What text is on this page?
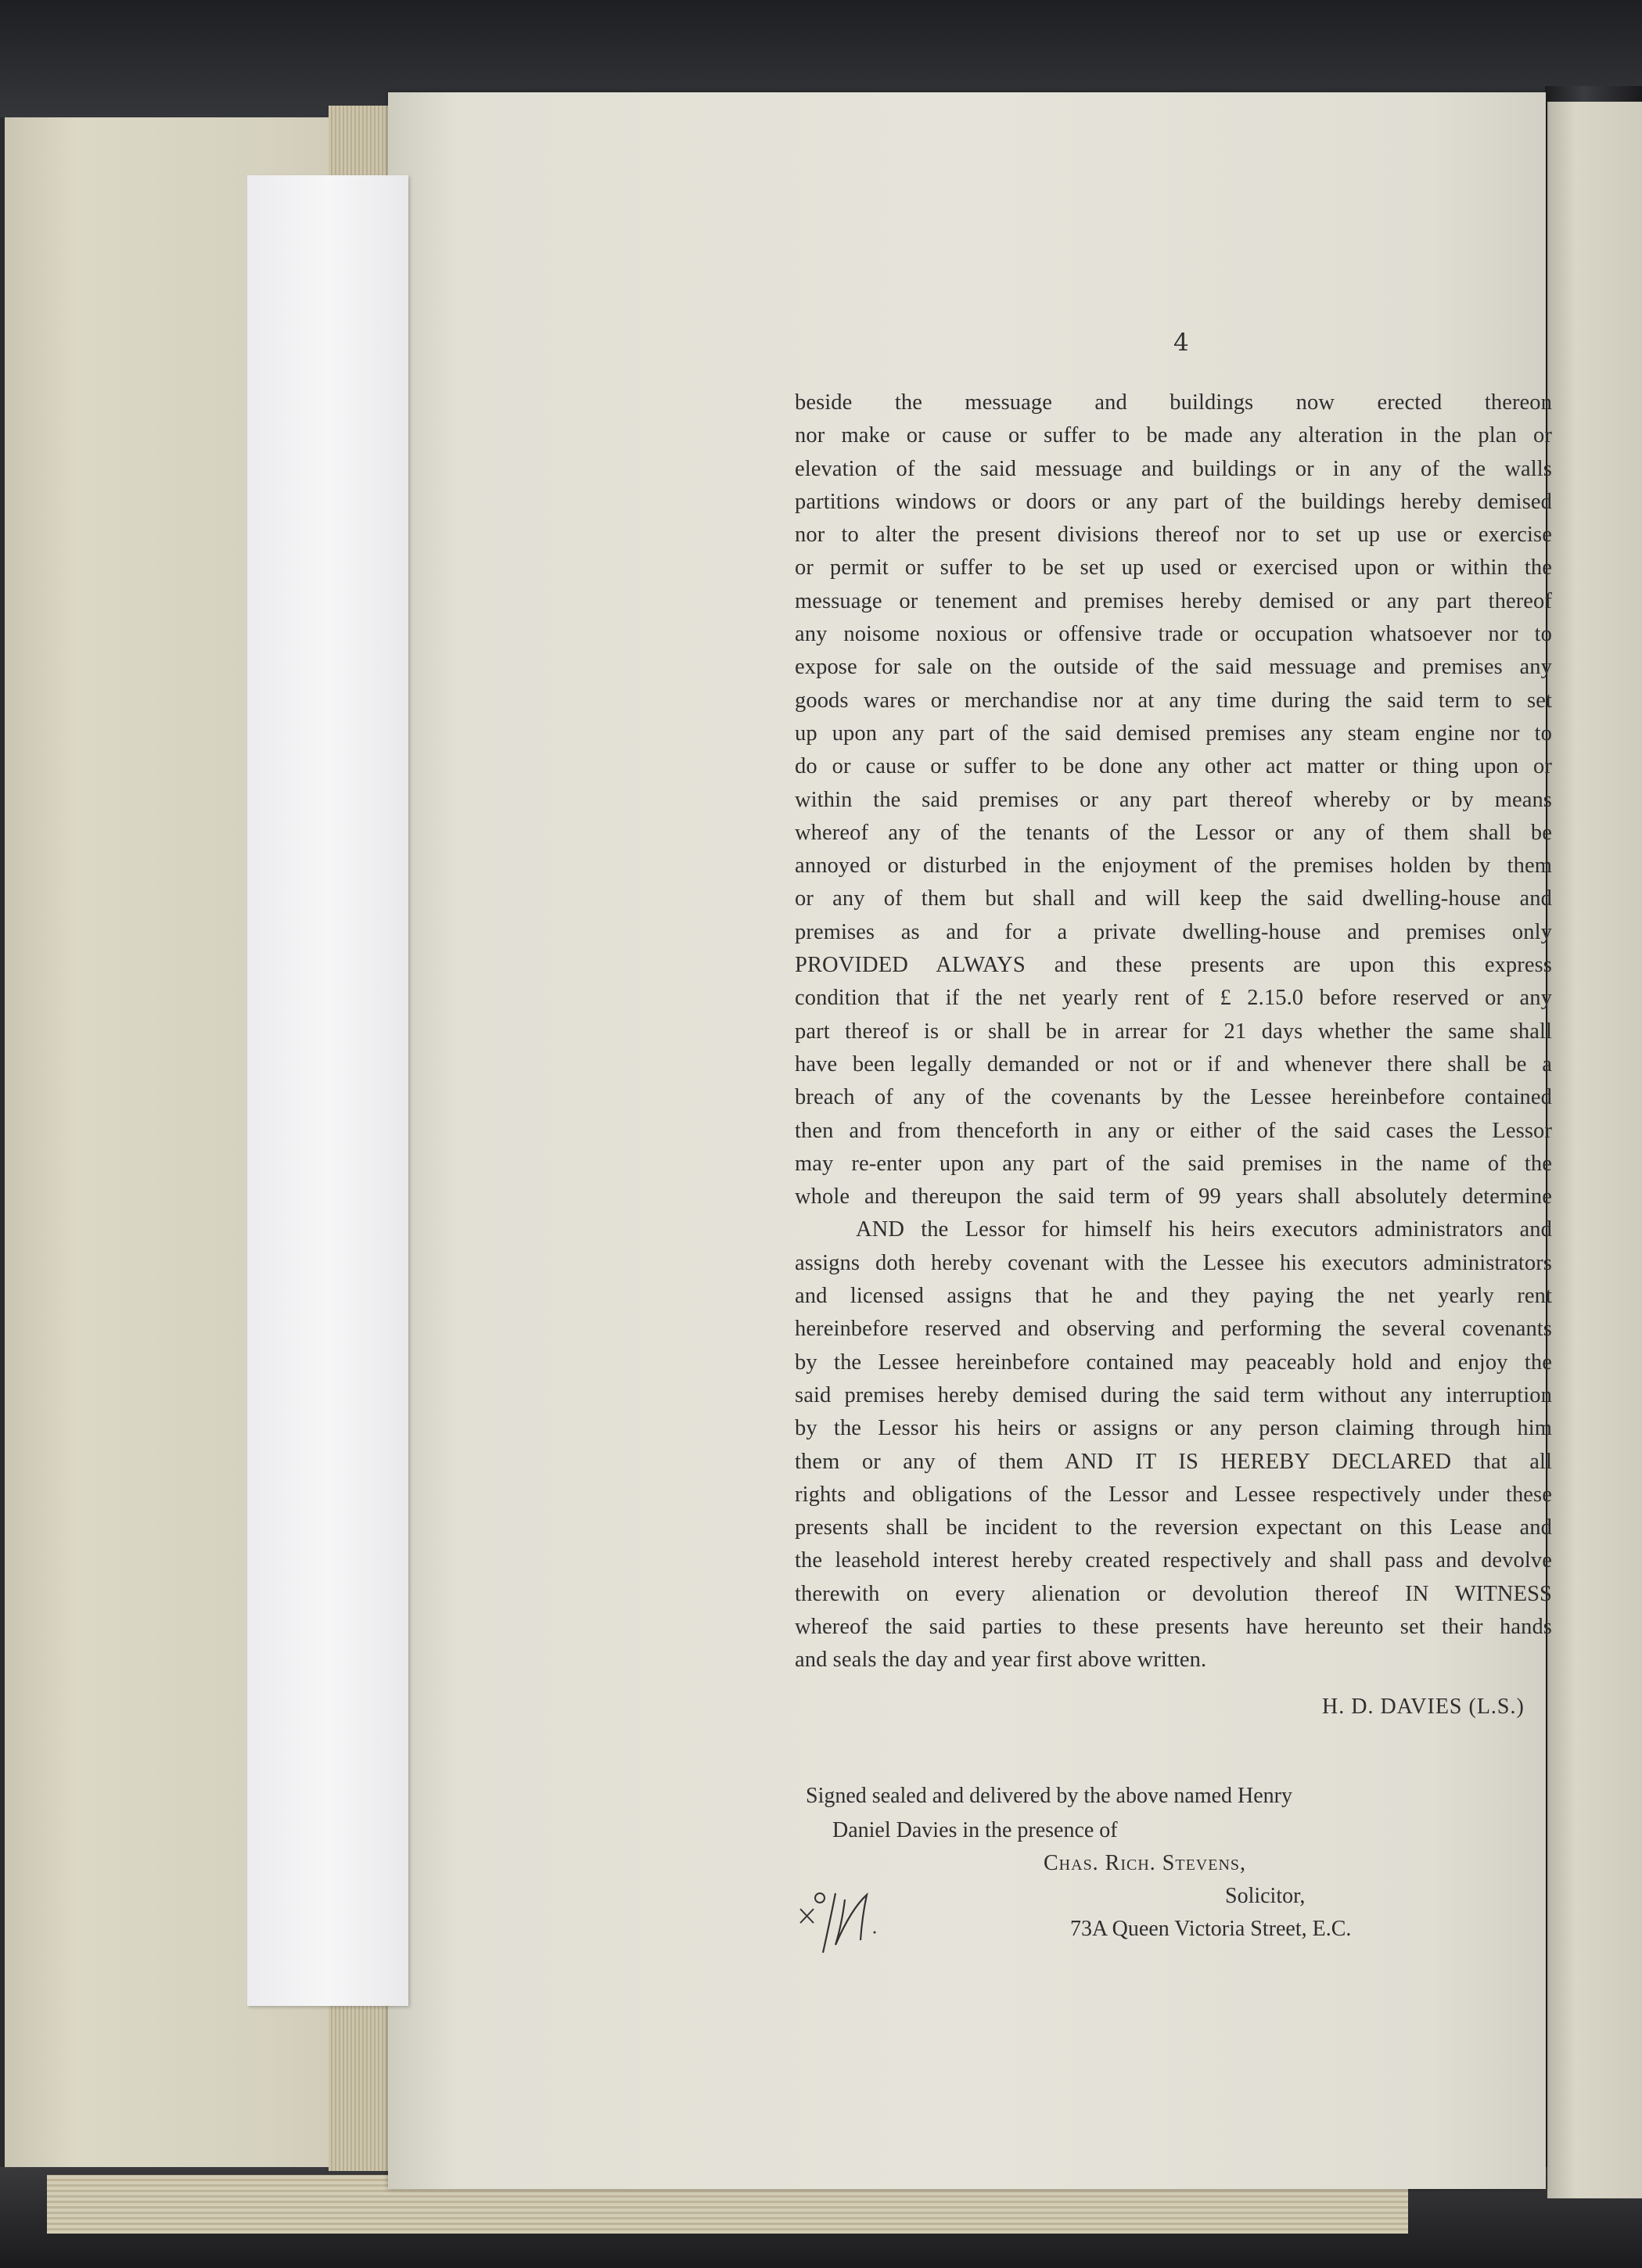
4
beside the messuage and buildings now erected thereon
nor make or cause or suffer to be made any alteration in the plan or
elevation of the said messuage and buildings or in any of the walls
partitions windows or doors or any part of the buildings hereby demised
nor to alter the present divisions thereof nor to set up use or exercise
or permit or suffer to be set up used or exercised upon or within the
messuage or tenement and premises hereby demised or any part thereof
any noisome noxious or offensive trade or occupation whatsoever nor to
expose for sale on the outside of the said messuage and premises any
goods wares or merchandise nor at any time during the said term to set
up upon any part of the said demised premises any steam engine nor to
do or cause or suffer to be done any other act matter or thing upon or
within the said premises or any part thereof whereby or by means
whereof any of the tenants of the Lessor or any of them shall be
annoyed or disturbed in the enjoyment of the premises holden by them
or any of them but shall and will keep the said dwelling-house and
premises as and for a private dwelling-house and premises only
PROVIDED ALWAYS and these presents are upon this express
condition that if the net yearly rent of £ 2.15.0 before reserved or any
part thereof is or shall be in arrear for 21 days whether the same shall
have been legally demanded or not or if and whenever there shall be a
breach of any of the covenants by the Lessee hereinbefore contained
then and from thenceforth in any or either of the said cases the Lessor
may re-enter upon any part of the said premises in the name of the
whole and thereupon the said term of 99 years shall absolutely determine
AND the Lessor for himself his heirs executors administrators and
assigns doth hereby covenant with the Lessee his executors administrators
and licensed assigns that he and they paying the net yearly rent
hereinbefore reserved and observing and performing the several covenants
by the Lessee hereinbefore contained may peaceably hold and enjoy the
said premises hereby demised during the said term without any interruption
by the Lessor his heirs or assigns or any person claiming through him
them or any of them AND IT IS HEREBY DECLARED that all
rights and obligations of the Lessor and Lessee respectively under these
presents shall be incident to the reversion expectant on this Lease and
the leasehold interest hereby created respectively and shall pass and devolve
therewith on every alienation or devolution thereof IN WITNESS
whereof the said parties to these presents have hereunto set their hands
and seals the day and year first above written.
H. D. DAVIES (L.S.)
Signed sealed and delivered by the above named Henry
Daniel Davies in the presence of
Chas. Rich. Stevens,
Solicitor,
73A Queen Victoria Street, E.C.
